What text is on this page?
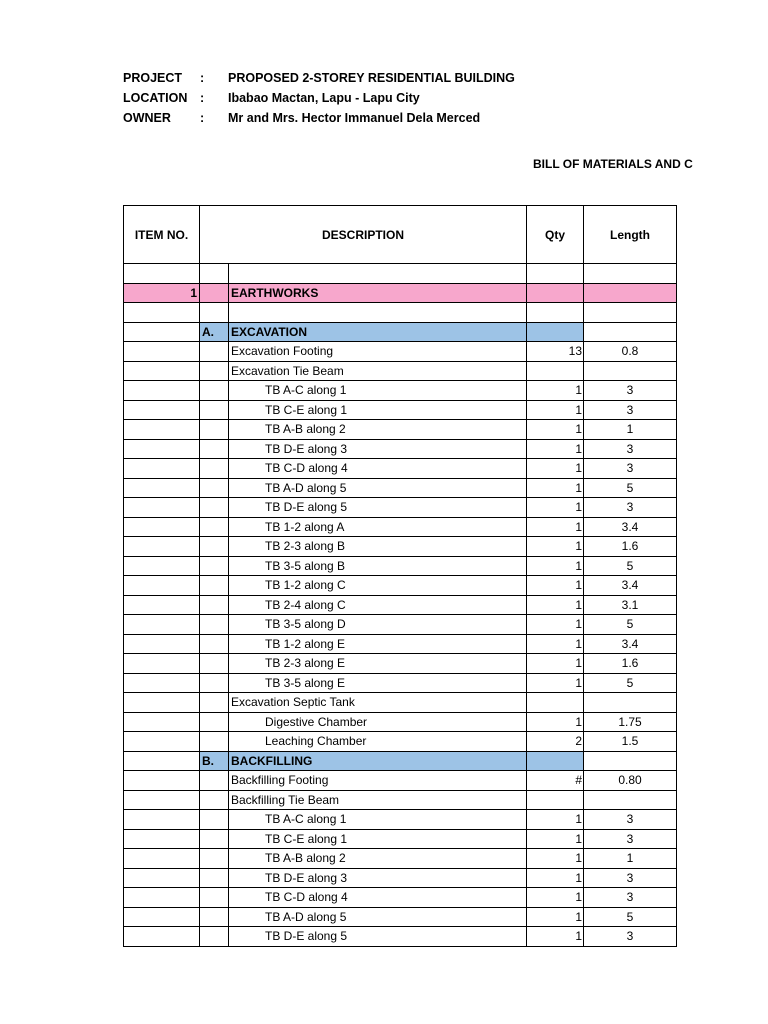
PROJECT : PROPOSED 2-STOREY RESIDENTIAL BUILDING
LOCATION : Ibabao Mactan, Lapu - Lapu City
OWNER : Mr and Mrs. Hector Immanuel Dela Merced
BILL OF MATERIALS AND C
ITEM NO.	DESCRIPTION	Qty	Length
1	EARTHWORKS
A.	EXCAVATION
Excavation Footing	13	0.8
Excavation Tie Beam
TB A-C along 1	1	3
TB C-E along 1	1	3
TB A-B along 2	1	1
TB D-E along 3	1	3
TB C-D along 4	1	3
TB A-D along 5	1	5
TB D-E along 5	1	3
TB 1-2 along A	1	3.4
TB 2-3 along B	1	1.6
TB 3-5 along B	1	5
TB 1-2 along C	1	3.4
TB 2-4 along C	1	3.1
TB 3-5 along D	1	5
TB 1-2 along E	1	3.4
TB 2-3 along E	1	1.6
TB 3-5 along E	1	5
Excavation Septic Tank
Digestive Chamber	1	1.75
Leaching Chamber	2	1.5
B.	BACKFILLING
Backfilling Footing	#	0.80
Backfilling Tie Beam
TB A-C along 1	1	3
TB C-E along 1	1	3
TB A-B along 2	1	1
TB D-E along 3	1	3
TB C-D along 4	1	3
TB A-D along 5	1	5
TB D-E along 5	1	3
